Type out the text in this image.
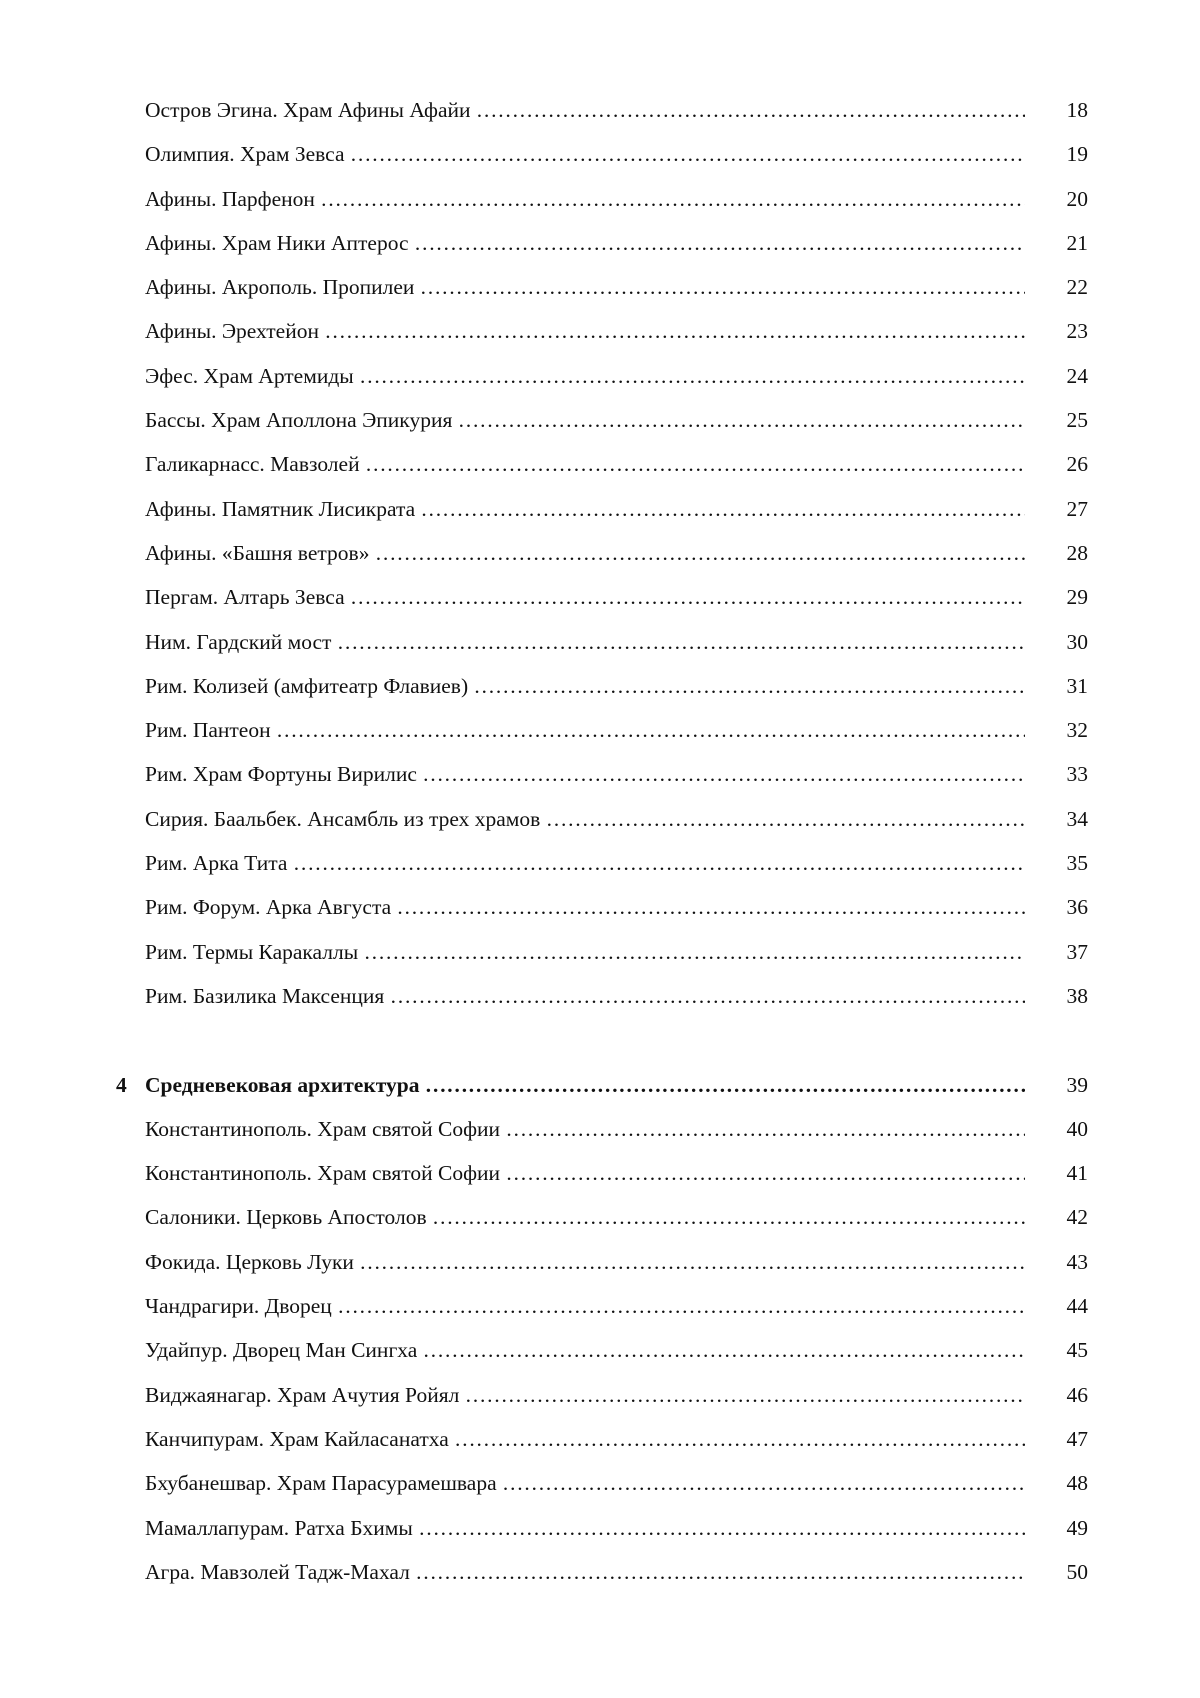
Остров Эгина. Храм Афины Афайи …………………………………………………………………………………………………………………………………………………………………………………………	18
Олимпия. Храм Зевса …………………………………………………………………………………………………………………………………………………………………………………………	19
Афины. Парфенон …………………………………………………………………………………………………………………………………………………………………………………………	20
Афины. Храм Ники Аптерос …………………………………………………………………………………………………………………………………………………………………………………………	21
Афины. Акрополь. Пропилеи …………………………………………………………………………………………………………………………………………………………………………………………	22
Афины. Эрехтейон …………………………………………………………………………………………………………………………………………………………………………………………	23
Эфес. Храм Артемиды …………………………………………………………………………………………………………………………………………………………………………………………	24
Бассы. Храм Аполлона Эпикурия …………………………………………………………………………………………………………………………………………………………………………………………	25
Галикарнасс. Мавзолей …………………………………………………………………………………………………………………………………………………………………………………………	26
Афины. Памятник Лисикрата …………………………………………………………………………………………………………………………………………………………………………………………	27
Афины. «Башня ветров» …………………………………………………………………………………………………………………………………………………………………………………………	28
Пергам. Алтарь Зевса …………………………………………………………………………………………………………………………………………………………………………………………	29
Ним. Гардский мост …………………………………………………………………………………………………………………………………………………………………………………………	30
Рим. Колизей (амфитеатр Флавиев) …………………………………………………………………………………………………………………………………………………………………………………………	31
Рим. Пантеон …………………………………………………………………………………………………………………………………………………………………………………………	32
Рим. Храм Фортуны Вирилис …………………………………………………………………………………………………………………………………………………………………………………………	33
Сирия. Баальбек. Ансамбль из трех храмов …………………………………………………………………………………………………………………………………………………………………………………………	34
Рим. Арка Тита …………………………………………………………………………………………………………………………………………………………………………………………	35
Рим. Форум. Арка Августа …………………………………………………………………………………………………………………………………………………………………………………………	36
Рим. Термы Каракаллы …………………………………………………………………………………………………………………………………………………………………………………………	37
Рим. Базилика Максенция …………………………………………………………………………………………………………………………………………………………………………………………	38
4 Средневековая архитектура …………………………………………………………………………………………………………………………………………………………………………………………	39
Константинополь. Храм святой Софии …………………………………………………………………………………………………………………………………………………………………………………………	40
Константинополь. Храм святой Софии …………………………………………………………………………………………………………………………………………………………………………………………	41
Салоники. Церковь Апостолов …………………………………………………………………………………………………………………………………………………………………………………………	42
Фокида. Церковь Луки …………………………………………………………………………………………………………………………………………………………………………………………	43
Чандрагири. Дворец …………………………………………………………………………………………………………………………………………………………………………………………	44
Удайпур. Дворец Ман Сингха …………………………………………………………………………………………………………………………………………………………………………………………	45
Виджаянагар. Храм Ачутия Ройял …………………………………………………………………………………………………………………………………………………………………………………………	46
Канчипурам. Храм Кайласанатха …………………………………………………………………………………………………………………………………………………………………………………………	47
Бхубанешвар. Храм Парасурамешвара …………………………………………………………………………………………………………………………………………………………………………………………	48
Мамаллапурам. Ратха Бхимы …………………………………………………………………………………………………………………………………………………………………………………………	49
Агра. Мавзолей Тадж-Махал …………………………………………………………………………………………………………………………………………………………………………………………	50
